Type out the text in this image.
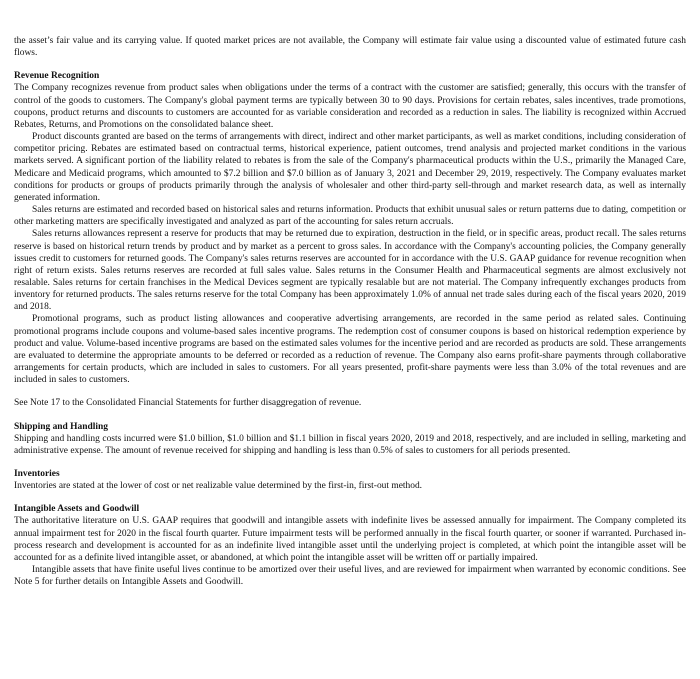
the asset’s fair value and its carrying value. If quoted market prices are not available, the Company will estimate fair value using a discounted value of estimated future cash flows.

Revenue Recognition

The Company recognizes revenue from product sales when obligations under the terms of a contract with the customer are satisfied; generally, this occurs with the transfer of control of the goods to customers. The Company's global payment terms are typically between 30 to 90 days. Provisions for certain rebates, sales incentives, trade promotions, coupons, product returns and discounts to customers are accounted for as variable consideration and recorded as a reduction in sales. The liability is recognized within Accrued Rebates, Returns, and Promotions on the consolidated balance sheet.

Product discounts granted are based on the terms of arrangements with direct, indirect and other market participants, as well as market conditions, including consideration of competitor pricing. Rebates are estimated based on contractual terms, historical experience, patient outcomes, trend analysis and projected market conditions in the various markets served. A significant portion of the liability related to rebates is from the sale of the Company's pharmaceutical products within the U.S., primarily the Managed Care, Medicare and Medicaid programs, which amounted to $7.2 billion and $7.0 billion as of January 3, 2021 and December 29, 2019, respectively. The Company evaluates market conditions for products or groups of products primarily through the analysis of wholesaler and other third-party sell-through and market research data, as well as internally generated information.

Sales returns are estimated and recorded based on historical sales and returns information. Products that exhibit unusual sales or return patterns due to dating, competition or other marketing matters are specifically investigated and analyzed as part of the accounting for sales return accruals.

Sales returns allowances represent a reserve for products that may be returned due to expiration, destruction in the field, or in specific areas, product recall. The sales returns reserve is based on historical return trends by product and by market as a percent to gross sales. In accordance with the Company's accounting policies, the Company generally issues credit to customers for returned goods. The Company's sales returns reserves are accounted for in accordance with the U.S. GAAP guidance for revenue recognition when right of return exists. Sales returns reserves are recorded at full sales value. Sales returns in the Consumer Health and Pharmaceutical segments are almost exclusively not resalable. Sales returns for certain franchises in the Medical Devices segment are typically resalable but are not material. The Company infrequently exchanges products from inventory for returned products. The sales returns reserve for the total Company has been approximately 1.0% of annual net trade sales during each of the fiscal years 2020, 2019 and 2018.

Promotional programs, such as product listing allowances and cooperative advertising arrangements, are recorded in the same period as related sales. Continuing promotional programs include coupons and volume-based sales incentive programs. The redemption cost of consumer coupons is based on historical redemption experience by product and value. Volume-based incentive programs are based on the estimated sales volumes for the incentive period and are recorded as products are sold. These arrangements are evaluated to determine the appropriate amounts to be deferred or recorded as a reduction of revenue. The Company also earns profit-share payments through collaborative arrangements for certain products, which are included in sales to customers. For all years presented, profit-share payments were less than 3.0% of the total revenues and are included in sales to customers.

See Note 17 to the Consolidated Financial Statements for further disaggregation of revenue.

Shipping and Handling

Shipping and handling costs incurred were $1.0 billion, $1.0 billion and $1.1 billion in fiscal years 2020, 2019 and 2018, respectively, and are included in selling, marketing and administrative expense. The amount of revenue received for shipping and handling is less than 0.5% of sales to customers for all periods presented.

Inventories

Inventories are stated at the lower of cost or net realizable value determined by the first-in, first-out method.

Intangible Assets and Goodwill

The authoritative literature on U.S. GAAP requires that goodwill and intangible assets with indefinite lives be assessed annually for impairment. The Company completed its annual impairment test for 2020 in the fiscal fourth quarter. Future impairment tests will be performed annually in the fiscal fourth quarter, or sooner if warranted. Purchased in-process research and development is accounted for as an indefinite lived intangible asset until the underlying project is completed, at which point the intangible asset will be accounted for as a definite lived intangible asset, or abandoned, at which point the intangible asset will be written off or partially impaired.

Intangible assets that have finite useful lives continue to be amortized over their useful lives, and are reviewed for impairment when warranted by economic conditions. See Note 5 for further details on Intangible Assets and Goodwill.
